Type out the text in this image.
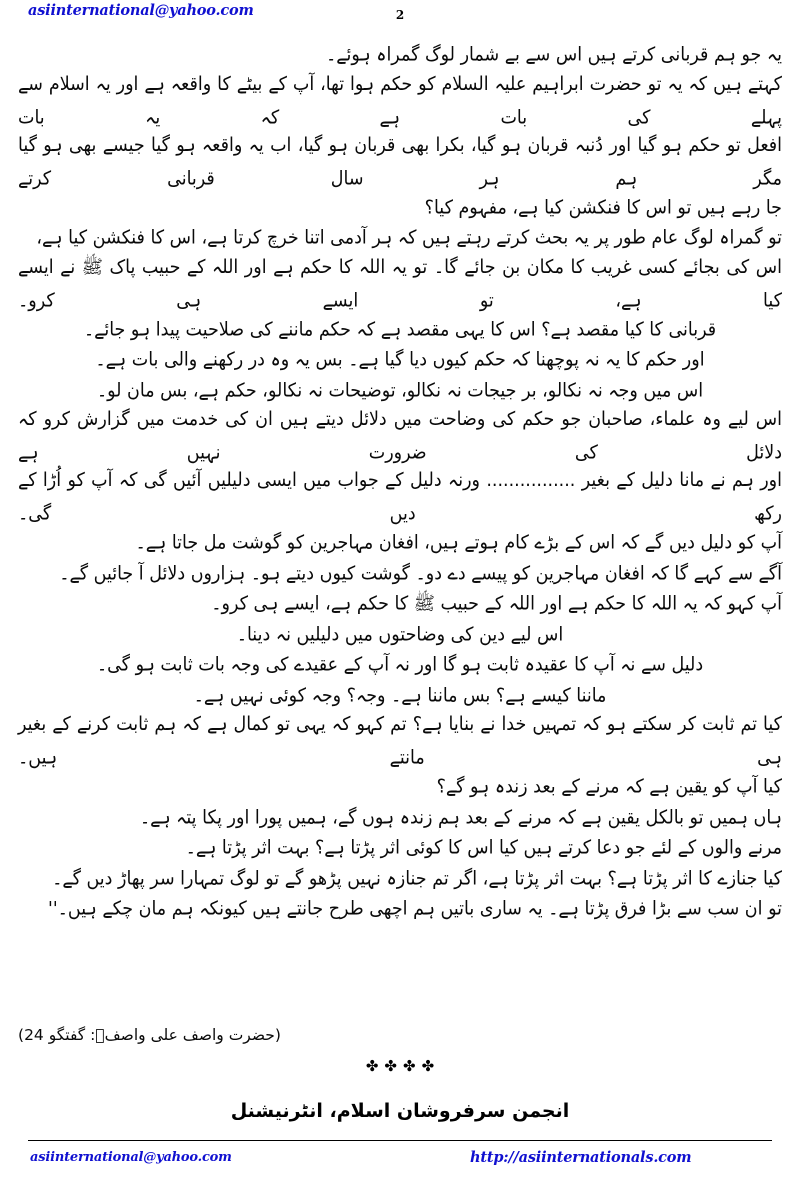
asiinternational@yahoo.com	2
یہ جو ہم قربانی کرتے ہیں اس سے بے شمار لوگ گمراہ ہوئے۔
کہتے ہیں کہ یہ تو حضرت ابراہیم علیہ السلام کو حکم ہوا تھا، آپ کے بیٹے کا واقعہ ہے اور یہ اسلام سے پہلے کی بات ہے کہ یہ بات
افعل تو حکم ہو گیا اور دُنبہ قربان ہو گیا، بکرا بھی قربان ہو گیا، اب یہ واقعہ ہو گیا جیسے بھی ہو گیا مگر ہم ہر سال قربانی کرتے
جا رہے ہیں تو اس کا فنکشن کیا ہے، مفہوم کیا؟
تو گمراہ لوگ عام طور پر یہ بحث کرتے رہتے ہیں کہ ہر آدمی اتنا خرچ کرتا ہے، اس کا فنکشن کیا ہے،
اس کی بجائے کسی غریب کا مکان بن جائے گا۔ تو یہ اللہ کا حکم ہے اور اللہ کے حبیب پاک ﷺ نے ایسے کیا ہے، تو ایسے ہی کرو۔
قربانی کا کیا مقصد ہے؟ اس کا یہی مقصد ہے کہ حکم ماننے کی صلاحیت پیدا ہو جائے۔
اور حکم کا یہ نہ پوچھنا کہ حکم کیوں دیا گیا ہے۔ بس یہ وہ در رکھنے والی بات ہے۔
اس میں وجہ نہ نکالو، بر جیجات نہ نکالو، توضیحات نہ نکالو، حکم ہے، بس مان لو۔
اس لیے وہ علماء، صاحبان جو حکم کی وضاحت میں دلائل دیتے ہیں ان کی خدمت میں گزارش کرو کہ دلائل کی ضرورت نہیں ہے
اور ہم نے مانا دلیل کے بغیر ................ ورنہ دلیل کے جواب میں ایسی دلیلیں آئیں گی کہ آپ کو اُڑا کے رکھ دیں گی۔
آپ کو دلیل دیں گے کہ اس کے بڑے کام ہوتے ہیں، افغان مہاجرین کو گوشت مل جاتا ہے۔
آگے سے کہے گا کہ افغان مہاجرین کو پیسے دے دو۔ گوشت کیوں دیتے ہو۔ ہزاروں دلائل آ جائیں گے۔
آپ کہو کہ یہ اللہ کا حکم ہے اور اللہ کے حبیب ﷺ کا حکم ہے، ایسے ہی کرو۔
اس لیے دین کی وضاحتوں میں دلیلیں نہ دینا۔
دلیل سے نہ آپ کا عقیدہ ثابت ہو گا اور نہ آپ کے عقیدے کی وجہ بات ثابت ہو گی۔
ماننا کیسے ہے؟ بس ماننا ہے۔ وجہ؟ وجہ کوئی نہیں ہے۔
کیا تم ثابت کر سکتے ہو کہ تمہیں خدا نے بنایا ہے؟ تم کہو کہ یہی تو کمال ہے کہ ہم ثابت کرنے کے بغیر ہی مانتے ہیں۔
کیا آپ کو یقین ہے کہ مرنے کے بعد زندہ ہو گے؟
ہاں ہمیں تو بالکل یقین ہے کہ مرنے کے بعد ہم زندہ ہوں گے، ہمیں پورا اور پکا پتہ ہے۔
مرنے والوں کے لئے جو دعا کرتے ہیں کیا اس کا کوئی اثر پڑتا ہے؟ بہت اثر پڑتا ہے۔
کیا جنازے کا اثر پڑتا ہے؟ بہت اثر پڑتا ہے، اگر تم جنازہ نہیں پڑھو گے تو لوگ تمہارا سر پھاڑ دیں گے۔
تو ان سب سے بڑا فرق پڑتا ہے۔ یہ ساری باتیں ہم اچھی طرح جانتے ہیں کیونکہ ہم مان چکے ہیں۔''
(حضرت واصف علی واصفؒ: گفتگو 24)
✤ ✤ ✤ ✤
انجمن سرفروشان اسلام، انٹرنیشنل
asiinternational@yahoo.com	http://asiinternationals.com
